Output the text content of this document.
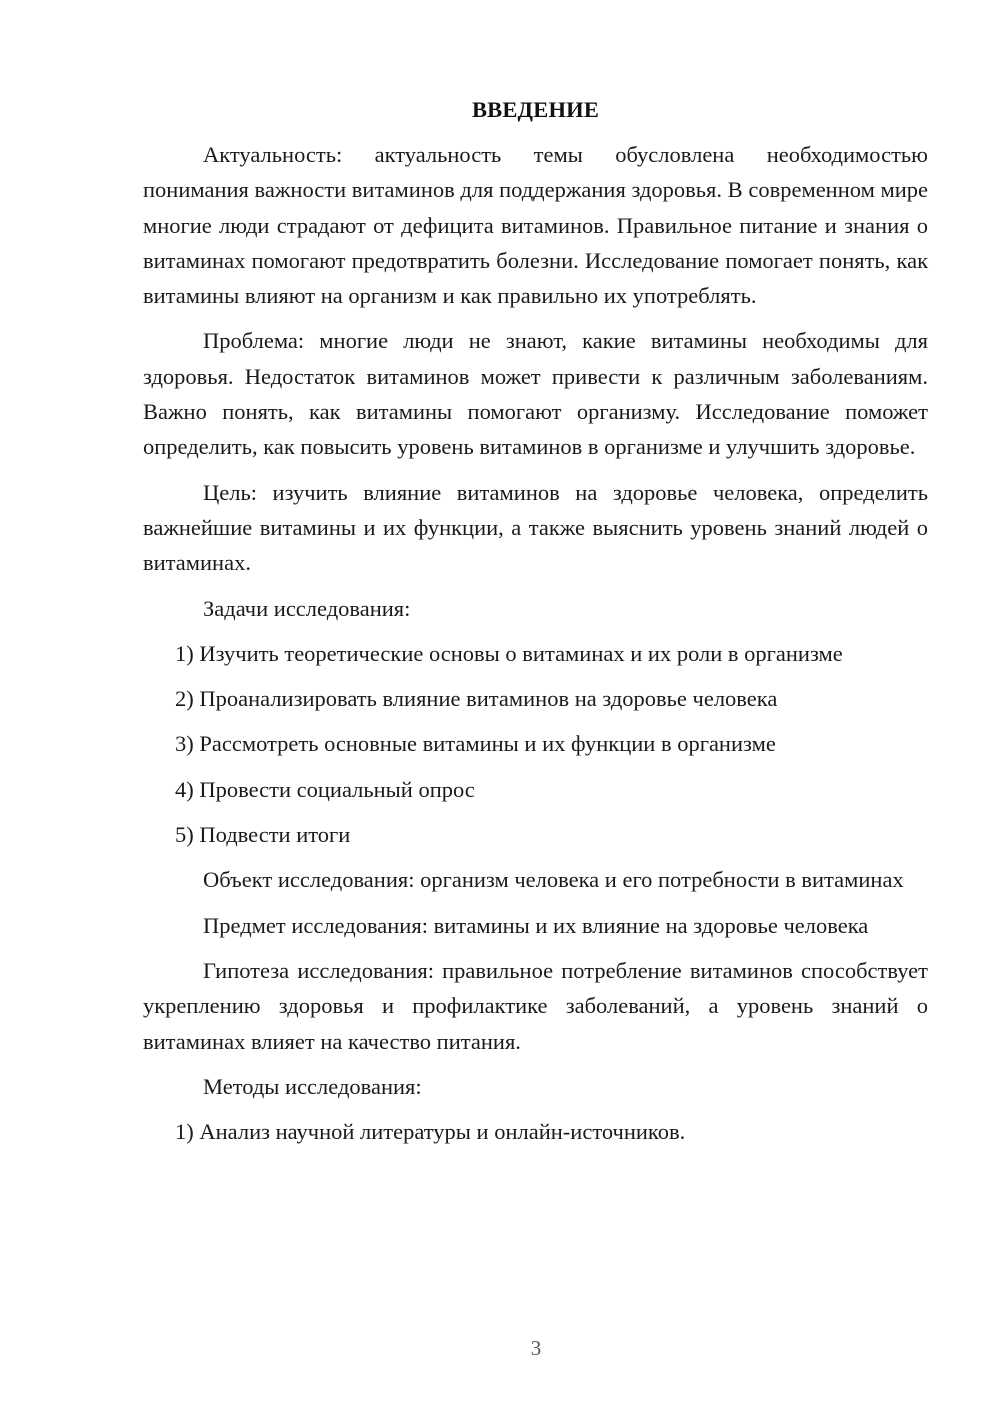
ВВЕДЕНИЕ

Актуальность: актуальность темы обусловлена необходимостью понимания важности витаминов для поддержания здоровья. В современном мире многие люди страдают от дефицита витаминов. Правильное питание и знания о витаминах помогают предотвратить болезни. Исследование помогает понять, как витамины влияют на организм и как правильно их употреблять.

Проблема: многие люди не знают, какие витамины необходимы для здоровья. Недостаток витаминов может привести к различным заболеваниям. Важно понять, как витамины помогают организму. Исследование поможет определить, как повысить уровень витаминов в организме и улучшить здоровье.

Цель: изучить влияние витаминов на здоровье человека, определить важнейшие витамины и их функции, а также выяснить уровень знаний людей о витаминах.

Задачи исследования:

1) Изучить теоретические основы о витаминах и их роли в организме
2) Проанализировать влияние витаминов на здоровье человека
3) Рассмотреть основные витамины и их функции в организме
4) Провести социальный опрос
5) Подвести итоги

Объект исследования: организм человека и его потребности в витаминах

Предмет исследования: витамины и их влияние на здоровье человека

Гипотеза исследования: правильное потребление витаминов способствует укреплению здоровья и профилактике заболеваний, а уровень знаний о витаминах влияет на качество питания.

Методы исследования:

1) Анализ научной литературы и онлайн-источников.
3
